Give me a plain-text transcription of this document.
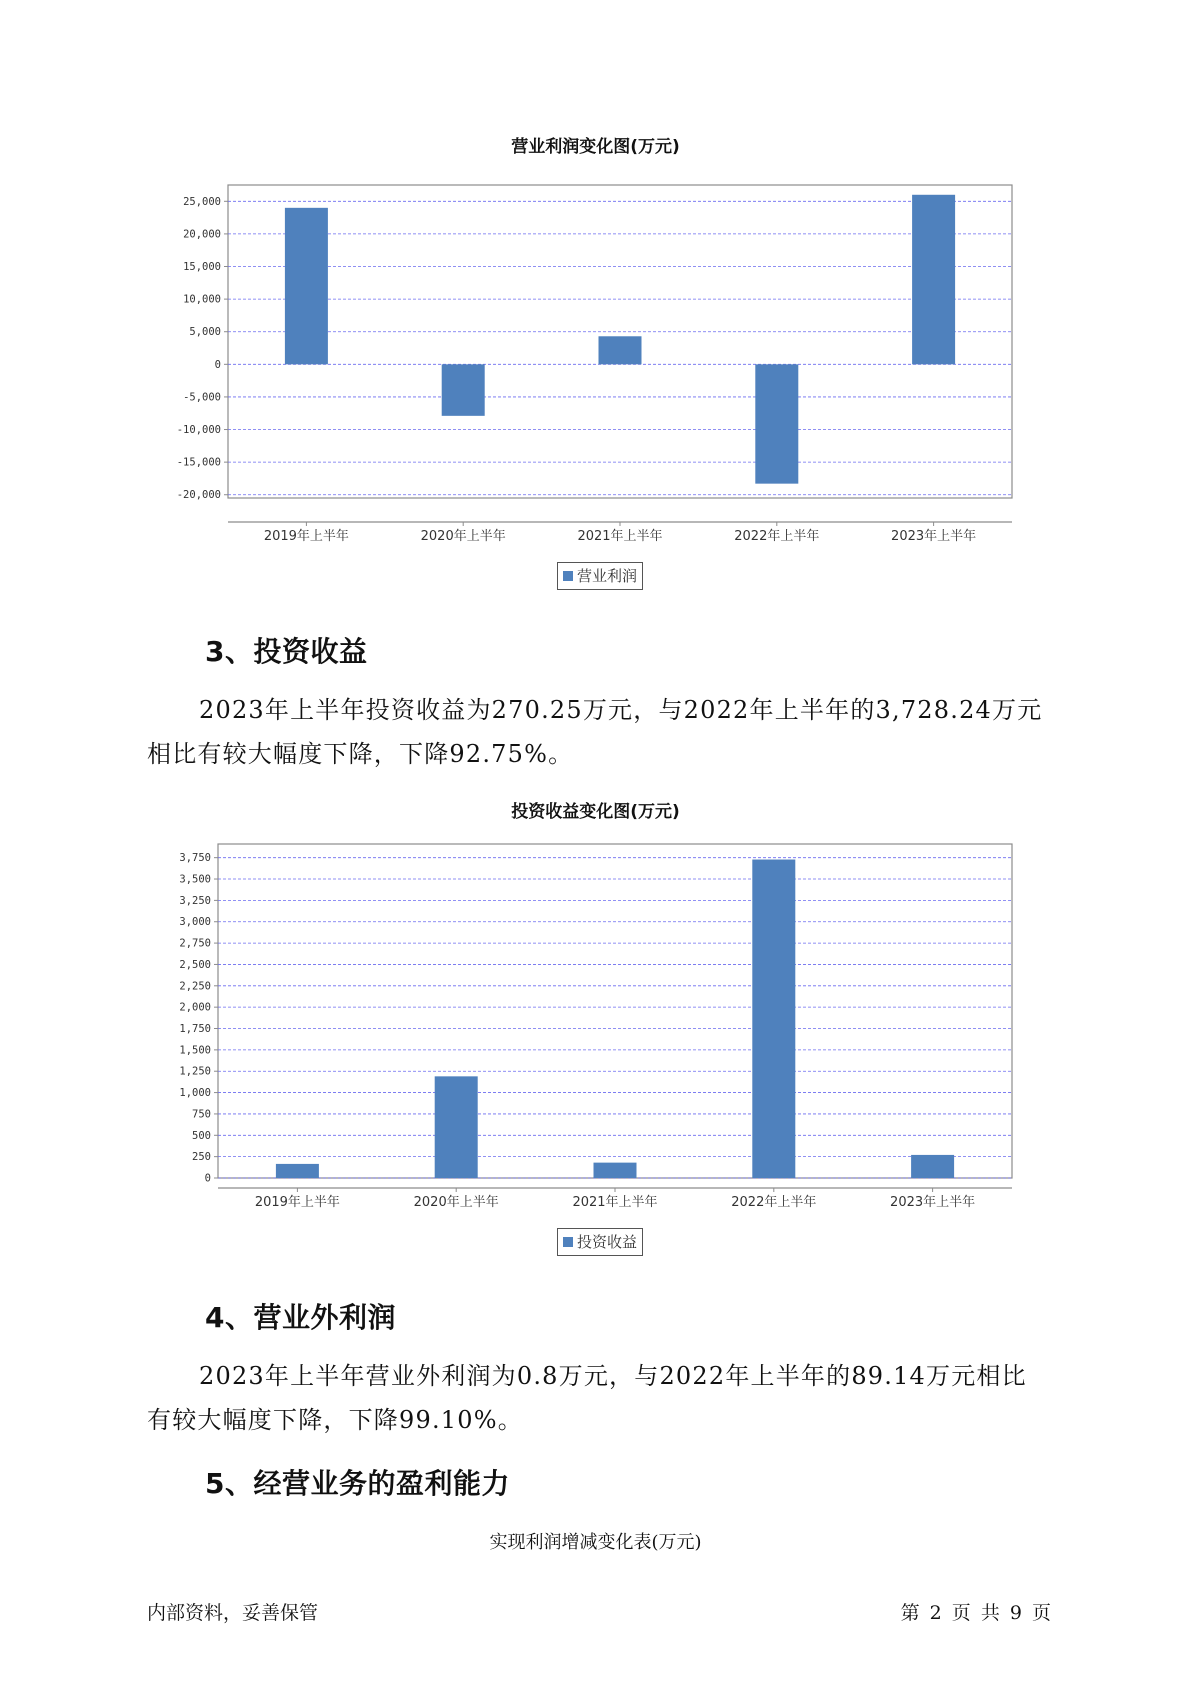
营业利润变化图(万元)
25,000
20,000
15,000
10,000
5,000
0
-5,000
-10,000
-15,000
-20,000
2019年上半年	2020年上半年	2021年上半年	2022年上半年	2023年上半年
营业利润
3、投资收益
2023年上半年投资收益为270.25万元，与2022年上半年的3,728.24万元相比有较大幅度下降，下降92.75%。
投资收益变化图(万元)
3,750
3,500
3,250
3,000
2,750
2,500
2,250
2,000
1,750
1,500
1,250
1,000
750
500
250
0
2019年上半年	2020年上半年	2021年上半年	2022年上半年	2023年上半年
投资收益
4、营业外利润
2023年上半年营业外利润为0.8万元，与2022年上半年的89.14万元相比有较大幅度下降，下降99.10%。
5、经营业务的盈利能力
实现利润增减变化表(万元)
内部资料，妥善保管	第 2 页 共 9 页
